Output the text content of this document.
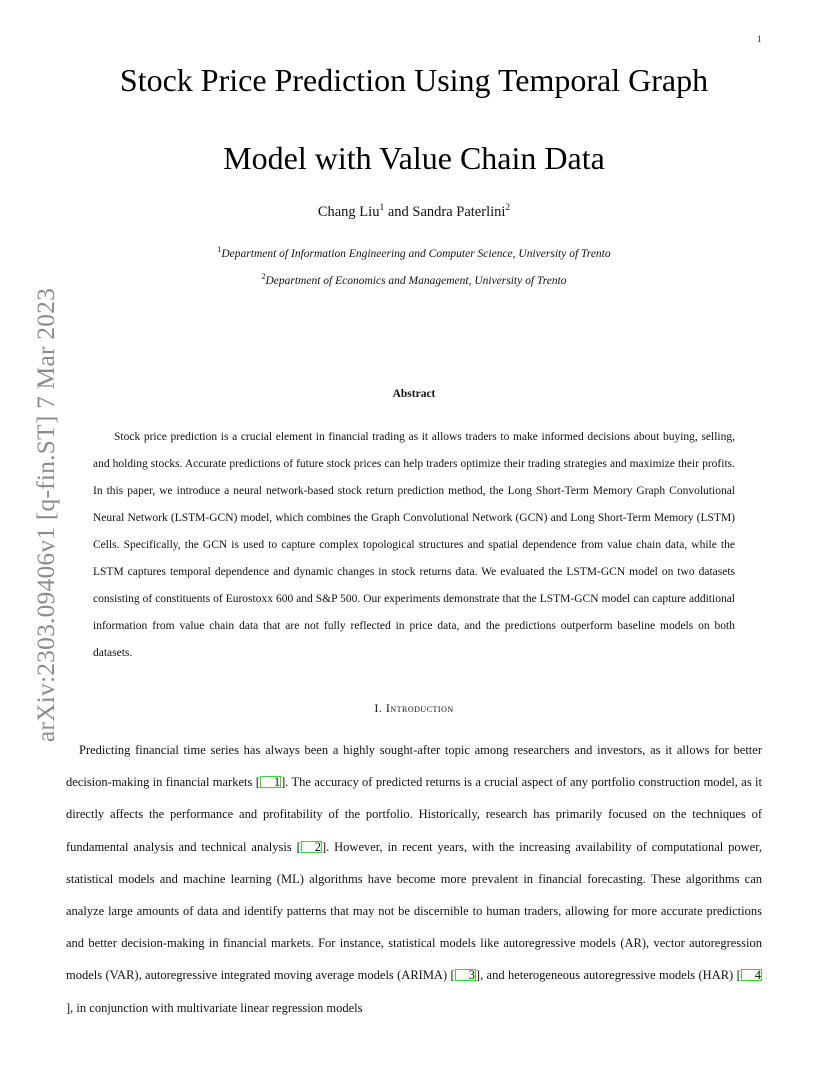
1
arXiv:2303.09406v1 [q-fin.ST] 7 Mar 2023
Stock Price Prediction Using Temporal Graph
Model with Value Chain Data
Chang Liu$^1$ and Sandra Paterlini$^2$
$^1$Department of Information Engineering and Computer Science, University of Trento
$^2$Department of Economics and Management, University of Trento
Abstract

Stock price prediction is a crucial element in financial trading as it allows traders to make informed decisions about buying, selling, and holding stocks. Accurate predictions of future stock prices can help traders optimize their trading strategies and maximize their profits. In this paper, we introduce a neural network-based stock return prediction method, the Long Short-Term Memory Graph Convolutional Neural Network (LSTM-GCN) model, which combines the Graph Convolutional Network (GCN) and Long Short-Term Memory (LSTM) Cells. Specifically, the GCN is used to capture complex topological structures and spatial dependence from value chain data, while the LSTM captures temporal dependence and dynamic changes in stock returns data. We evaluated the LSTM-GCN model on two datasets consisting of constituents of Eurostoxx 600 and S&P 500. Our experiments demonstrate that the LSTM-GCN model can capture additional information from value chain data that are not fully reflected in price data, and the predictions outperform baseline models on both datasets.

I. Introduction

Predicting financial time series has always been a highly sought-after topic among researchers and investors, as it allows for better decision-making in financial markets [ 1]. The accuracy of predicted returns is a crucial aspect of any portfolio construction model, as it directly affects the performance and profitability of the portfolio. Historically, research has primarily focused on the techniques of fundamental analysis and technical analysis [ 2]. However, in recent years, with the increasing availability of computational power, statistical models and machine learning (ML) algorithms have become more prevalent in financial forecasting. These algorithms can analyze large amounts of data and identify patterns that may not be discernible to human traders, allowing for more accurate predictions and better decision-making in financial markets. For instance, statistical models like autoregressive models (AR), vector autoregression models (VAR), autoregressive integrated moving average models (ARIMA) [ 3], and heterogeneous autoregressive models (HAR) [ 4], in conjunction with multivariate linear regression models
